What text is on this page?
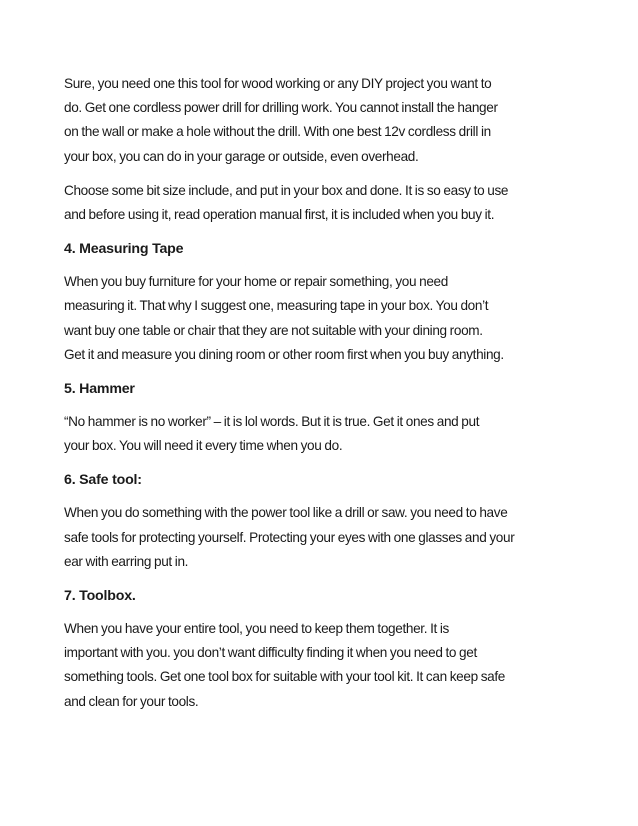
Sure, you need one this tool for wood working or any DIY project you want to
do. Get one cordless power drill for drilling work. You cannot install the hanger
on the wall or make a hole without the drill. With one best 12v cordless drill in
your box, you can do in your garage or outside, even overhead.

Choose some bit size include, and put in your box and done. It is so easy to use
and before using it, read operation manual first, it is included when you buy it.

4. Measuring Tape

When you buy furniture for your home or repair something, you need
measuring it. That why I suggest one, measuring tape in your box. You don’t
want buy one table or chair that they are not suitable with your dining room.
Get it and measure you dining room or other room first when you buy anything.

5. Hammer

“No hammer is no worker” – it is lol words. But it is true. Get it ones and put
your box. You will need it every time when you do.

6. Safe tool:

When you do something with the power tool like a drill or saw. you need to have
safe tools for protecting yourself. Protecting your eyes with one glasses and your
ear with earring put in.

7. Toolbox.

When you have your entire tool, you need to keep them together. It is
important with you. you don’t want difficulty finding it when you need to get
something tools. Get one tool box for suitable with your tool kit. It can keep safe
and clean for your tools.
